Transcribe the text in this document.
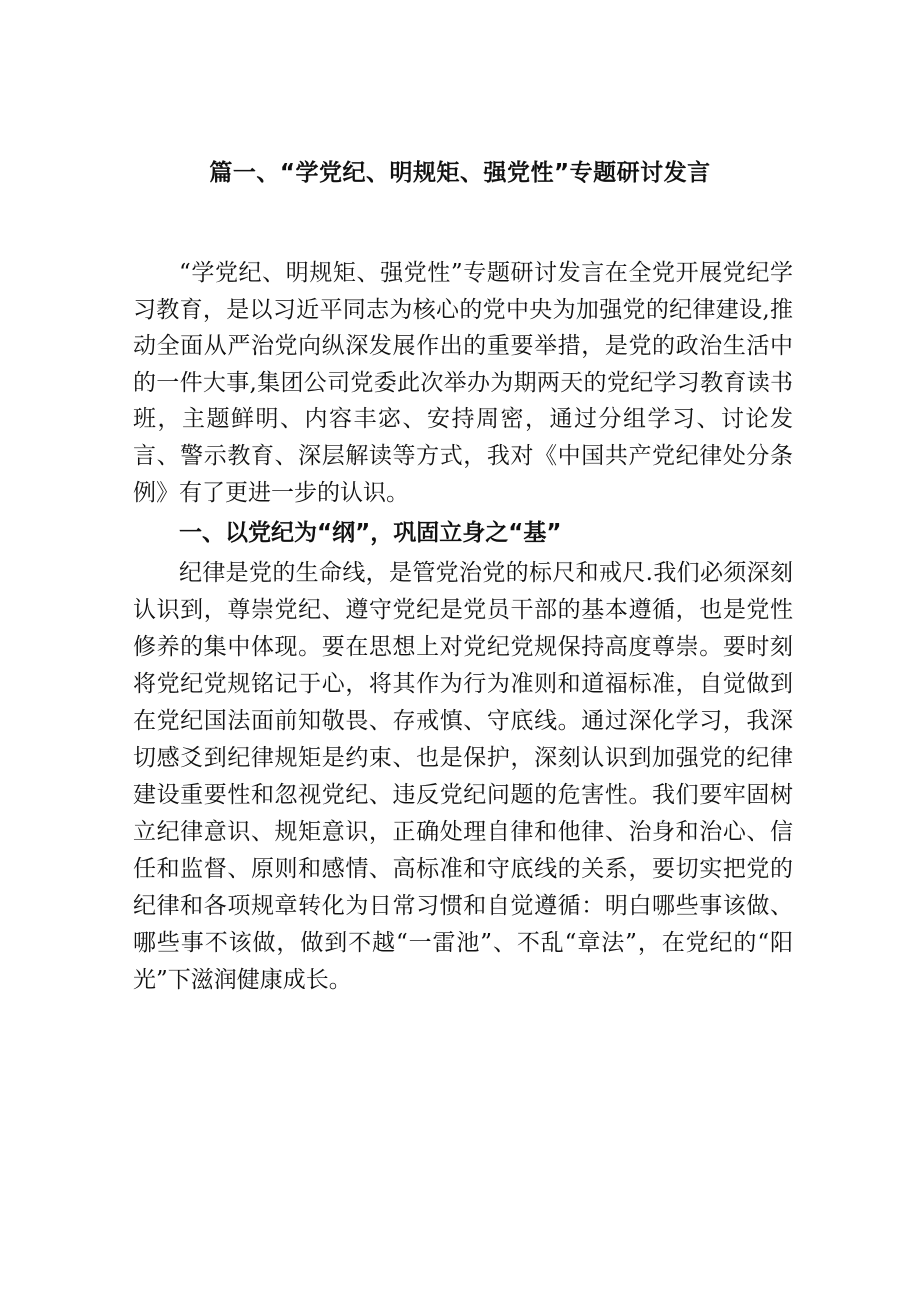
篇一、“学党纪、明规矩、强党性”专题研讨发言

“学党纪、明规矩、强党性”专题研讨发言在全党开展党纪学习教育，是以习近平同志为核心的党中央为加强党的纪律建设,推动全面从严治党向纵深发展作出的重要举措，是党的政治生活中的一件大事,集团公司党委此次举办为期两天的党纪学习教育读书班，主题鲜明、内容丰宓、安持周密，通过分组学习、讨论发言、警示教育、深层解读等方式，我对《中国共产党纪律处分条例》有了更进一步的认识。

一、以党纪为“纲”，巩固立身之“基”

纪律是党的生命线，是管党治党的标尺和戒尺.我们必须深刻认识到，尊崇党纪、遵守党纪是党员干部的基本遵循，也是党性修养的集中体现。要在思想上对党纪党规保持高度尊崇。要时刻将党纪党规铭记于心，将其作为行为准则和道福标准，自觉做到在党纪国法面前知敬畏、存戒慎、守底线。通过深化学习，我深切感爻到纪律规矩是约束、也是保护，深刻认识到加强党的纪律建设重要性和忽视党纪、违反党纪问题的危害性。我们要牢固树立纪律意识、规矩意识，正确处理自律和他律、治身和治心、信任和监督、原则和感情、高标准和守底线的关系，要切实把党的纪律和各项规章转化为日常习惯和自觉遵循：明白哪些事该做、哪些事不该做，做到不越“一雷池”、不乱“章法”，在党纪的“阳光”下滋润健康成长。
